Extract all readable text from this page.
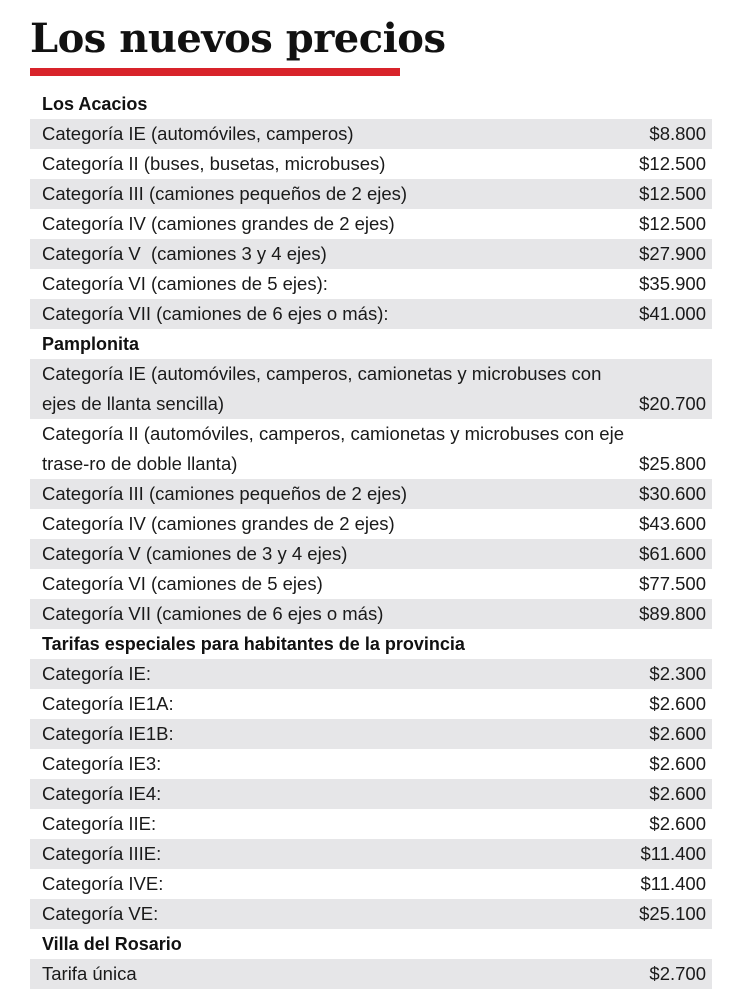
Los nuevos precios
Los Acacios
Categoría IE (automóviles, camperos)	$8.800
Categoría II (buses, busetas, microbuses)	$12.500
Categoría III (camiones pequeños de 2 ejes)	$12.500
Categoría IV (camiones grandes de 2 ejes)	$12.500
Categoría V  (camiones 3 y 4 ejes)	$27.900
Categoría VI (camiones de 5 ejes):	$35.900
Categoría VII (camiones de 6 ejes o más):	$41.000
Pamplonita
Categoría IE (automóviles, camperos, camionetas y microbuses con ejes de llanta sencilla)	$20.700
Categoría II (automóviles, camperos, camionetas y microbuses con eje trase-ro de doble llanta)	$25.800
Categoría III (camiones pequeños de 2 ejes)	$30.600
Categoría IV (camiones grandes de 2 ejes)	$43.600
Categoría V (camiones de 3 y 4 ejes)	$61.600
Categoría VI (camiones de 5 ejes)	$77.500
Categoría VII (camiones de 6 ejes o más)	$89.800
Tarifas especiales para habitantes de la provincia
Categoría IE:	$2.300
Categoría IE1A:	$2.600
Categoría IE1B:	$2.600
Categoría IE3:	$2.600
Categoría IE4:	$2.600
Categoría IIE:	$2.600
Categoría IIIE:	$11.400
Categoría IVE:	$11.400
Categoría VE:	$25.100
Villa del Rosario
Tarifa única	$2.700
